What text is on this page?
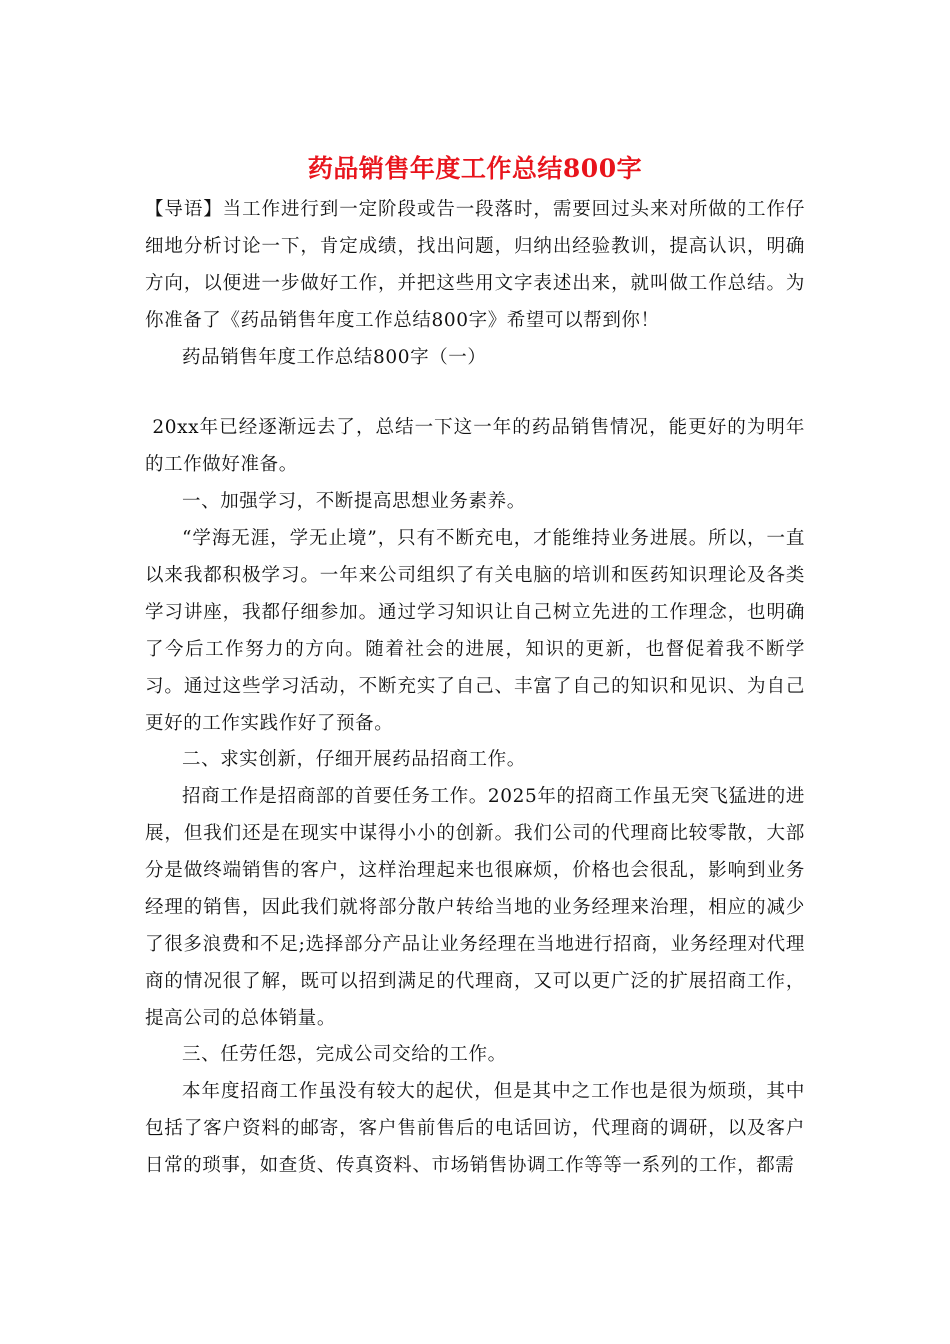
药品销售年度工作总结800字

【导语】当工作进行到一定阶段或告一段落时，需要回过头来对所做的工作仔细地分析讨论一下，肯定成绩，找出问题，归纳出经验教训，提高认识，明确方向，以便进一步做好工作，并把这些用文字表述出来，就叫做工作总结。为你准备了《药品销售年度工作总结800字》希望可以帮到你！

药品销售年度工作总结800字（一）

20xx年已经逐渐远去了，总结一下这一年的药品销售情况，能更好的为明年的工作做好准备。

一、加强学习，不断提高思想业务素养。

“学海无涯，学无止境”，只有不断充电，才能维持业务进展。所以，一直以来我都积极学习。一年来公司组织了有关电脑的培训和医药知识理论及各类学习讲座，我都仔细参加。通过学习知识让自己树立先进的工作理念，也明确了今后工作努力的方向。随着社会的进展，知识的更新，也督促着我不断学习。通过这些学习活动，不断充实了自己、丰富了自己的知识和见识、为自己更好的工作实践作好了预备。

二、求实创新，仔细开展药品招商工作。

招商工作是招商部的首要任务工作。2025年的招商工作虽无突飞猛进的进展，但我们还是在现实中谋得小小的创新。我们公司的代理商比较零散，大部分是做终端销售的客户，这样治理起来也很麻烦，价格也会很乱，影响到业务经理的销售，因此我们就将部分散户转给当地的业务经理来治理，相应的减少了很多浪费和不足;选择部分产品让业务经理在当地进行招商，业务经理对代理商的情况很了解，既可以招到满足的代理商，又可以更广泛的扩展招商工作，提高公司的总体销量。

三、任劳任怨，完成公司交给的工作。

本年度招商工作虽没有较大的起伏，但是其中之工作也是很为烦琐，其中包括了客户资料的邮寄，客户售前售后的电话回访，代理商的调研，以及客户日常的琐事，如查货、传真资料、市场销售协调工作等等一系列的工作，都需
